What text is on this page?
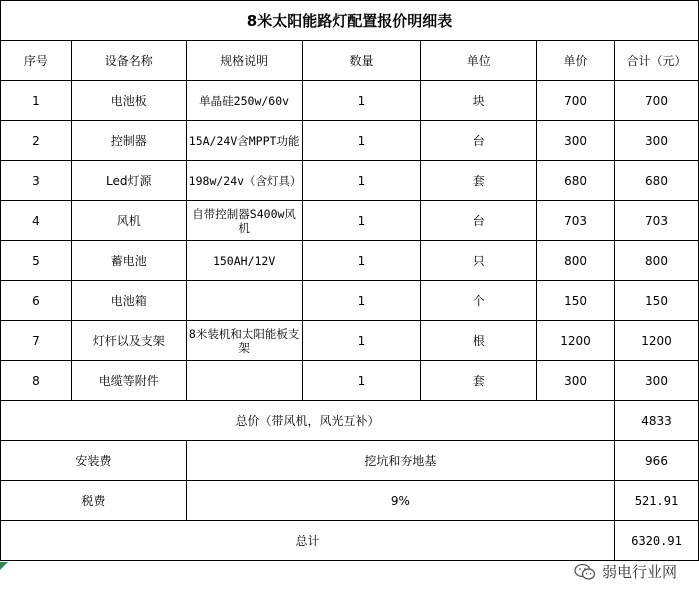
8米太阳能路灯配置报价明细表						
序号	设备名称	规格说明	数量	单位	单价	合计（元）
1	电池板	单晶硅250w/60v	1	块	700	700
2	控制器	15A/24V含MPPT功能	1	台	300	300
3	Led灯源	198w/24v（含灯具）	1	套	680	680
4	风机	自带控制器S400w风机	1	台	703	703
5	蓄电池	150AH/12V	1	只	800	800
6	电池箱		1	个	150	150
7	灯杆以及支架	8米装机和太阳能板支架	1	根	1200	1200
8	电缆等附件		1	套	300	300
总价（带风机，风光互补）						4833
安装费		挖坑和夯地基				966
税费		9%				521.91
总计						6320.91
弱电行业网
